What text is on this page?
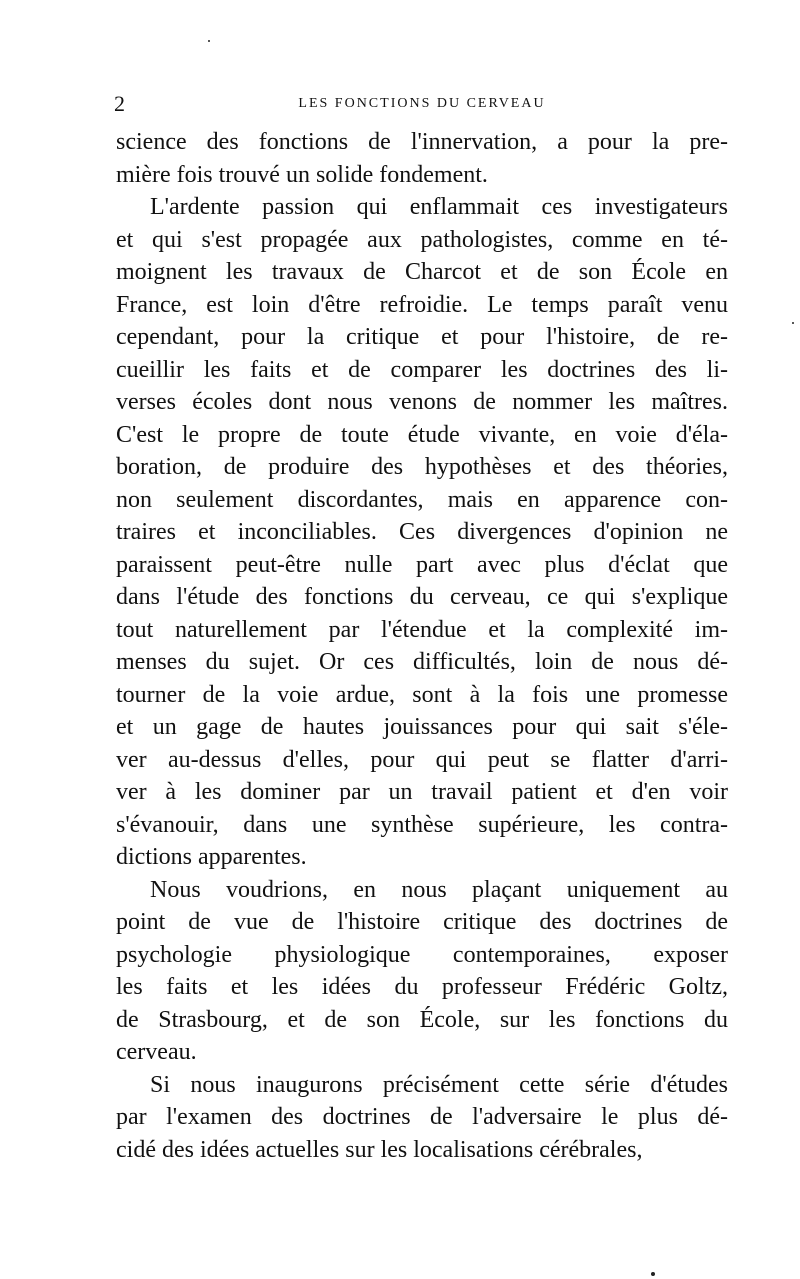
2	LES FONCTIONS DU CERVEAU
science des fonctions de l'innervation, a pour la pre-
mière fois trouvé un solide fondement.
L'ardente passion qui enflammait ces investigateurs
et qui s'est propagée aux pathologistes, comme en té-
moignent les travaux de Charcot et de son École en
France, est loin d'être refroidie. Le temps paraît venu
cependant, pour la critique et pour l'histoire, de re-
cueillir les faits et de comparer les doctrines des li-
verses écoles dont nous venons de nommer les maîtres.
C'est le propre de toute étude vivante, en voie d'éla-
boration, de produire des hypothèses et des théories,
non seulement discordantes, mais en apparence con-
traires et inconciliables. Ces divergences d'opinion ne
paraissent peut-être nulle part avec plus d'éclat que
dans l'étude des fonctions du cerveau, ce qui s'explique
tout naturellement par l'étendue et la complexité im-
menses du sujet. Or ces difficultés, loin de nous dé-
tourner de la voie ardue, sont à la fois une promesse
et un gage de hautes jouissances pour qui sait s'éle-
ver au-dessus d'elles, pour qui peut se flatter d'arri-
ver à les dominer par un travail patient et d'en voir
s'évanouir, dans une synthèse supérieure, les contra-
dictions apparentes.
Nous voudrions, en nous plaçant uniquement au
point de vue de l'histoire critique des doctrines de
psychologie physiologique contemporaines, exposer
les faits et les idées du professeur Frédéric Goltz,
de Strasbourg, et de son École, sur les fonctions du
cerveau.
Si nous inaugurons précisément cette série d'études
par l'examen des doctrines de l'adversaire le plus dé-
cidé des idées actuelles sur les localisations cérébrales,
